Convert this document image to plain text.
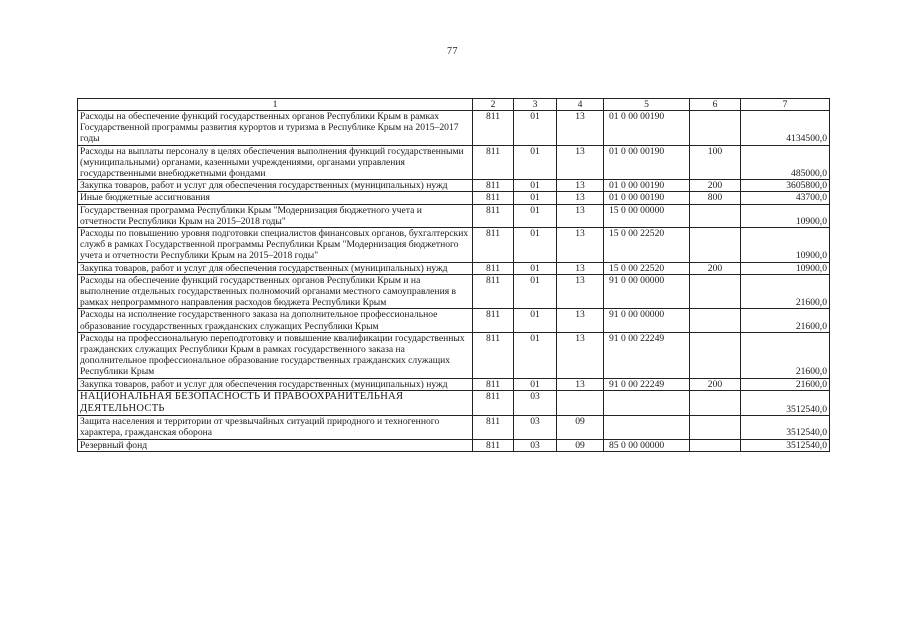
77
1	2	3	4	5	6	7
Расходы на обеспечение функций государственных органов Республики Крым в рамках Государственной программы развития курортов и туризма в Республике Крым на 2015–2017 годы	811	01	13	01 0 00 00190		4134500,0
Расходы на выплаты персоналу в целях обеспечения выполнения функций государственными (муниципальными) органами, казенными учреждениями, органами управления государственными внебюджетными фондами	811	01	13	01 0 00 00190	100	485000,0
Закупка товаров, работ и услуг для обеспечения государственных (муниципальных) нужд	811	01	13	01 0 00 00190	200	3605800,0
Иные бюджетные ассигнования	811	01	13	01 0 00 00190	800	43700,0
Государственная программа Республики Крым "Модернизация бюджетного учета и отчетности Республики Крым на 2015–2018 годы"	811	01	13	15 0 00 00000		10900,0
Расходы по повышению уровня подготовки специалистов финансовых органов, бухгалтерских служб в рамках Государственной программы Республики Крым "Модернизация бюджетного учета и отчетности Республики Крым на 2015–2018 годы"	811	01	13	15 0 00 22520		10900,0
Закупка товаров, работ и услуг для обеспечения государственных (муниципальных) нужд	811	01	13	15 0 00 22520	200	10900,0
Расходы на обеспечение функций государственных органов Республики Крым и на выполнение отдельных государственных полномочий органами местного самоуправления в рамках непрограммного направления расходов бюджета Республики Крым	811	01	13	91 0 00 00000		21600,0
Расходы на исполнение государственного заказа на дополнительное профессиональное образование государственных гражданских служащих Республики Крым	811	01	13	91 0 00 00000		21600,0
Расходы на профессиональную переподготовку и повышение квалификации государственных гражданских служащих Республики Крым в рамках государственного заказа на дополнительное профессиональное образование государственных гражданских служащих Республики Крым	811	01	13	91 0 00 22249		21600,0
Закупка товаров, работ и услуг для обеспечения государственных (муниципальных) нужд	811	01	13	91 0 00 22249	200	21600,0
НАЦИОНАЛЬНАЯ БЕЗОПАСНОСТЬ И ПРАВООХРАНИТЕЛЬНАЯ ДЕЯТЕЛЬНОСТЬ	811	03				3512540,0
Защита населения и территории от чрезвычайных ситуаций природного и техногенного характера, гражданская оборона	811	03	09			3512540,0
Резервный фонд	811	03	09	85 0 00 00000		3512540,0
